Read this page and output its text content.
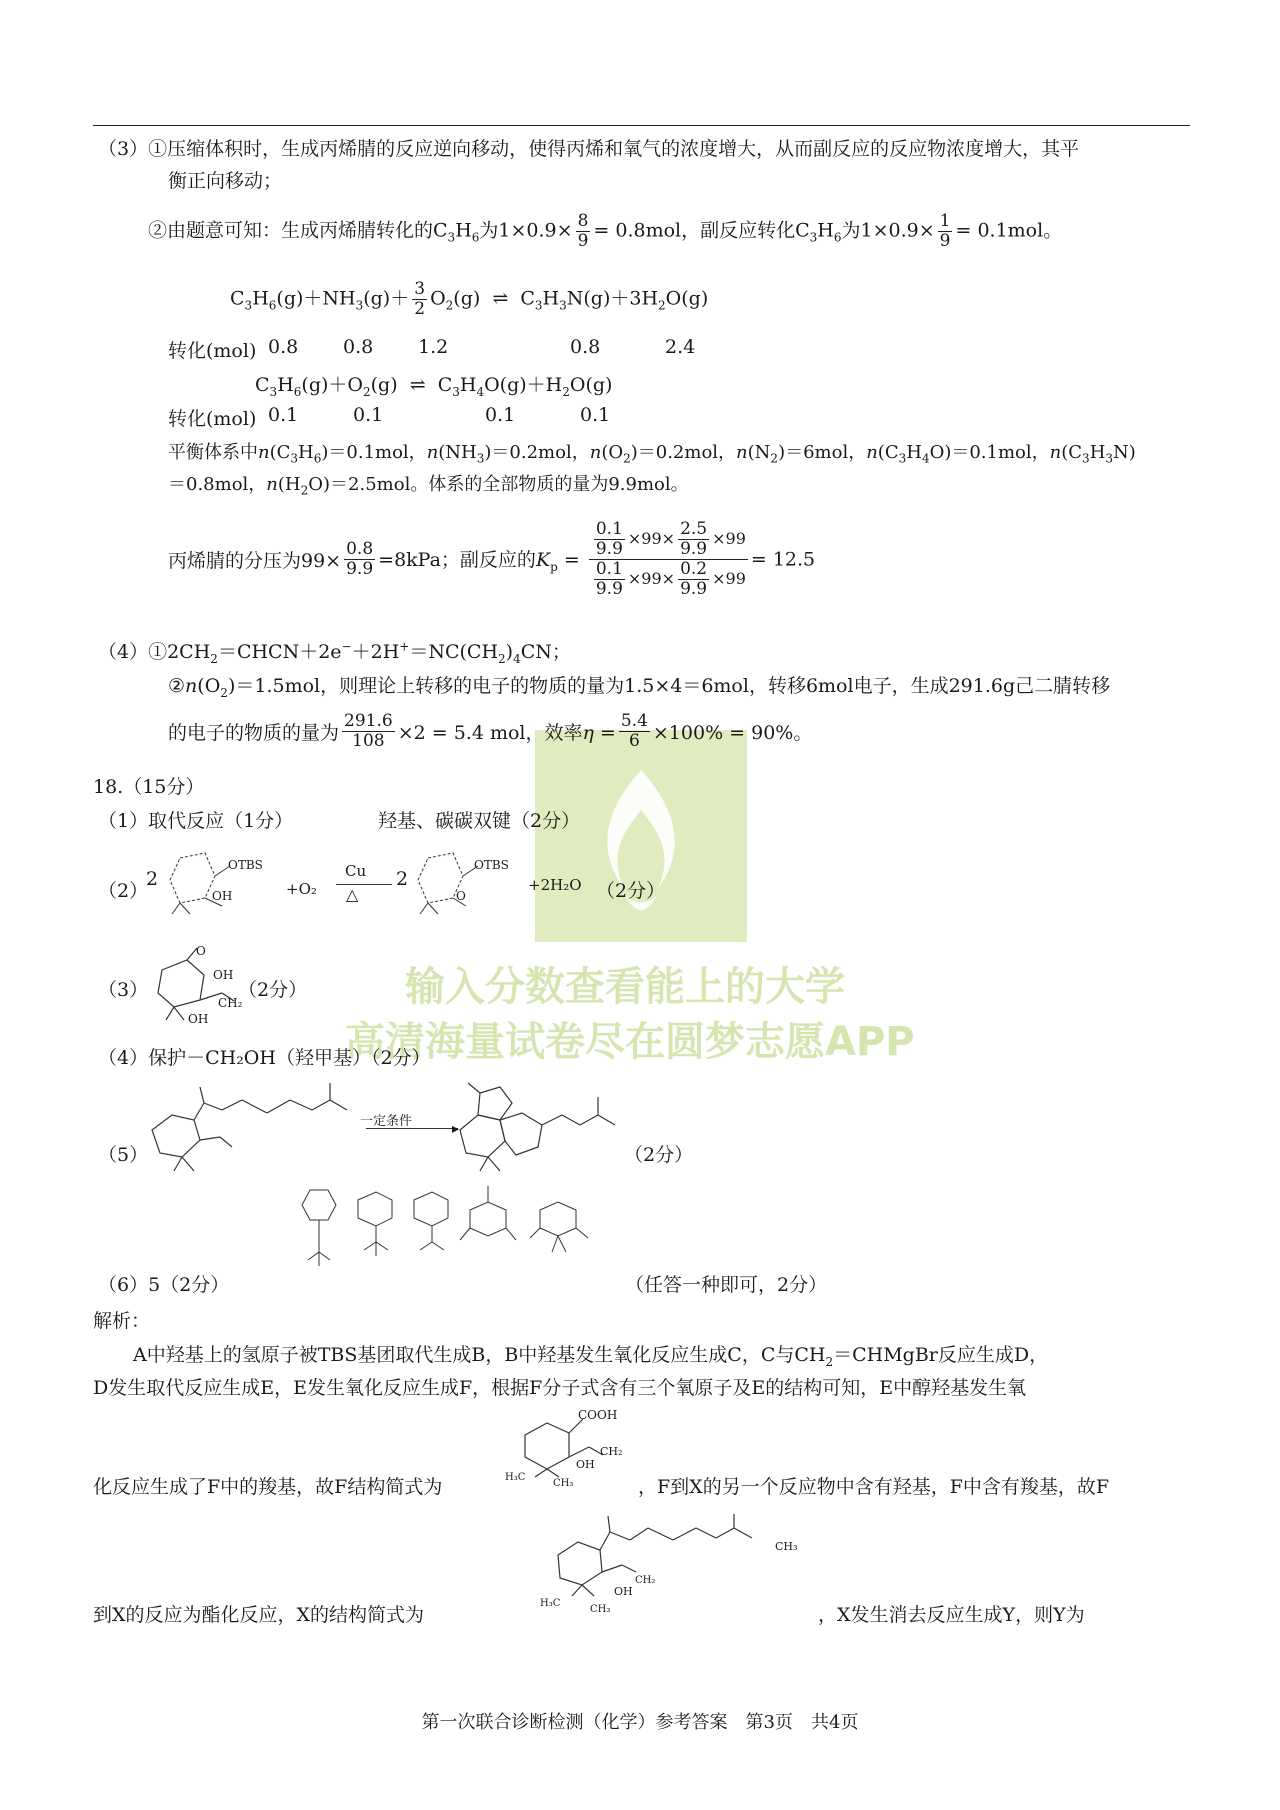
输入分数查看能上的大学
高清海量试卷尽在圆梦志愿APP
（3）①压缩体积时，生成丙烯腈的反应逆向移动，使得丙烯和氧气的浓度增大，从而副反应的反应物浓度增大，其平
衡正向移动；
②由题意可知：生成丙烯腈转化的$C_3H_6$为$1\times 0.9\times \frac{8}{9} = 0.8mol$，副反应转化$C_3H_6$为$1\times 0.9\times \frac{1}{9} = 0.1mol$。
$C_3H_6(g)+NH_3(g)+ \frac{3}{2} O_2(g)$  ⇌  $C_3H_3N(g)+3H_2O(g)$
转化(mol) 0.8 0.8 1.2	0.8	2.4
$C_3H_6(g)+O_2(g)$  ⇌  $C_3H_4O(g)+H_2O(g)$
转化(mol) 0.1	0.1	0.1	0.1
平衡体系中$n(C_3H_6)=0.1mol$，$n(NH_3)=0.2mol$，$n(O_2)=0.2mol$，$n(N_2)=6mol$，$n(C_3H_4O)=0.1mol$，$n(C_3H_3N)$
＝0.8mol，$n(H_2O)=2.5mol$。体系的全部物质的量为9.9mol。
丙烯腈的分压为$99\times \frac{0.8}{9.9} =8kPa$；副反应的$K_p = \frac{\frac{0.1}{9.9} \times 99\times \frac{2.5}{9.9} \times 99}{\frac{0.1}{9.9} \times 99\times \frac{0.2}{9.9} \times 99} = 12.5$
$(4)①2CH_2=CHCN+2e^-+2H^+=NC(CH_2)_4CN$；
$②n(O_2)=1.5mol$，则理论上转移的电子的物质的量为1.5×4＝6mol，转移6mol电子，生成291.6g己二腈转移
的电子的物质的量为 $\frac{291.6}{108} \times 2 = 5.4$ mol，效率$\eta = \frac{5.4}{6} \times 100\% = 90\%$。
18.（15分）
（1）取代反应（1分）	羟基、碳碳双键（2分）
（2）
2
OTBS
OH	+O₂
Cu
△
2
OTBS
O
+2H₂O （2分）
（3）
O
OH
CH₂
OH
（2分）
（4）保护－CH₂OH（羟甲基）（2分）
（5）
一定条件	▸
（2分）
（6）5（2分）	（任答一种即可，2分）
解析：
A中羟基上的氢原子被TBS基团取代生成B，B中羟基发生氧化反应生成C，C与$CH_2=CHMgBr$反应生成D，
D发生取代反应生成E，E发生氧化反应生成F，根据F分子式含有三个氧原子及E的结构可知，E中醇羟基发生氧
COOH
CH₂
OH
H₃C
CH₃
化反应生成了F中的羧基，故F结构简式为	，F到X的另一个反应物中含有羟基，F中含有羧基，故F
CH₂
OH
H₃C
CH₃
CH₃
到X的反应为酯化反应，X的结构简式为	，X发生消去反应生成Y，则Y为
第一次联合诊断检测（化学）参考答案　第3页　共4页
